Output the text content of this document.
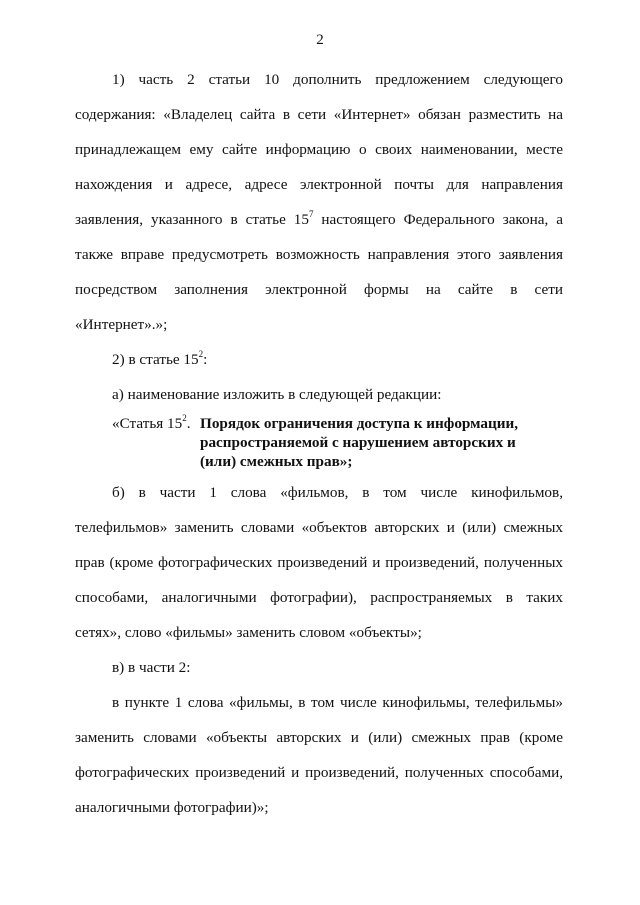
2

1) часть 2 статьи 10 дополнить предложением следующего содержания: «Владелец сайта в сети «Интернет» обязан разместить на принадлежащем ему сайте информацию о своих наименовании, месте нахождения и адресе, адресе электронной почты для направления заявления, указанного в статье $15^7$ настоящего Федерального закона, а также вправе предусмотреть возможность направления этого заявления посредством заполнения электронной формы на сайте в сети «Интернет».»;

2) в статье $15^2$:

а) наименование изложить в следующей редакции:

«Статья $15^2$. Порядок ограничения доступа к информации, распространяемой с нарушением авторских и (или) смежных прав»;

б) в части 1 слова «фильмов, в том числе кинофильмов, телефильмов» заменить словами «объектов авторских и (или) смежных прав (кроме фотографических произведений и произведений, полученных способами, аналогичными фотографии), распространяемых в таких сетях», слово «фильмы» заменить словом «объекты»;

в) в части 2:

в пункте 1 слова «фильмы, в том числе кинофильмы, телефильмы» заменить словами «объекты авторских и (или) смежных прав (кроме фотографических произведений и произведений, полученных способами, аналогичными фотографии)»;
